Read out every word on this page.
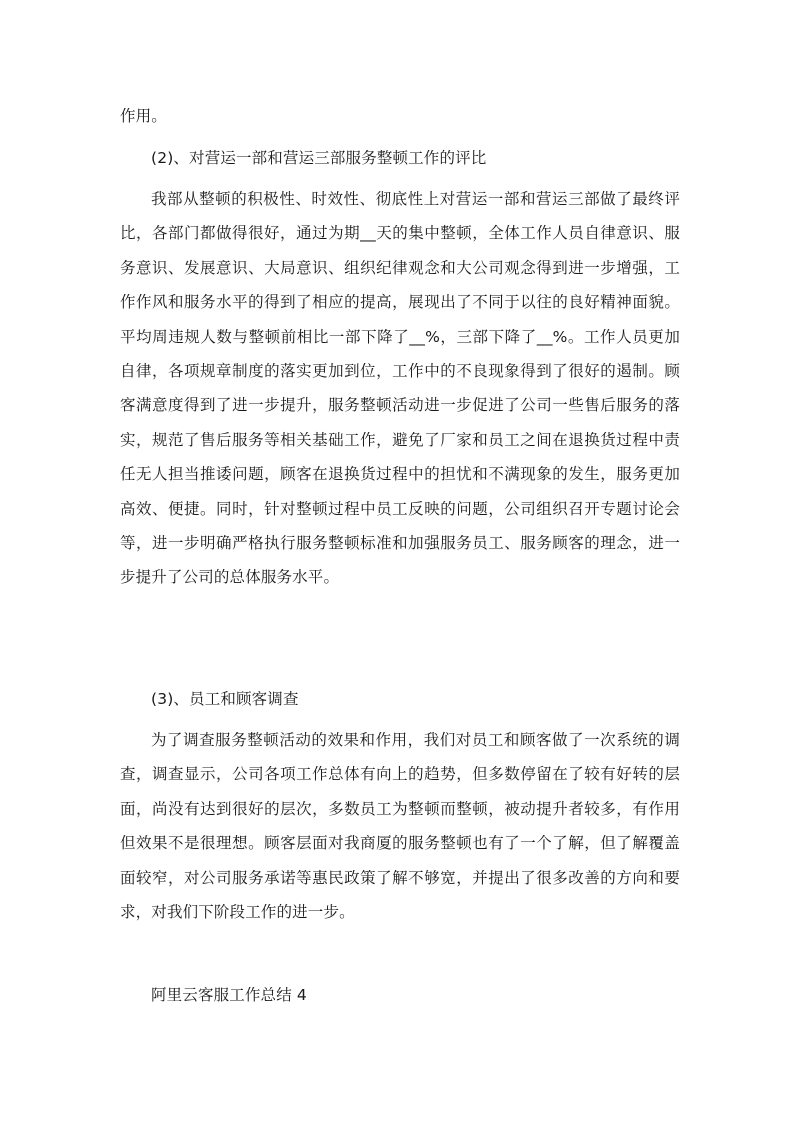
作用。

(2)、对营运一部和营运三部服务整顿工作的评比

我部从整顿的积极性、时效性、彻底性上对营运一部和营运三部做了最终评比，各部门都做得很好，通过为期__天的集中整顿，全体工作人员自律意识、服务意识、发展意识、大局意识、组织纪律观念和大公司观念得到进一步增强，工作作风和服务水平的得到了相应的提高，展现出了不同于以往的良好精神面貌。平均周违规人数与整顿前相比一部下降了__%，三部下降了__%。工作人员更加自律，各项规章制度的落实更加到位，工作中的不良现象得到了很好的遏制。顾客满意度得到了进一步提升，服务整顿活动进一步促进了公司一些售后服务的落实，规范了售后服务等相关基础工作，避免了厂家和员工之间在退换货过程中责任无人担当推诿问题，顾客在退换货过程中的担忧和不满现象的发生，服务更加高效、便捷。同时，针对整顿过程中员工反映的问题，公司组织召开专题讨论会等，进一步明确严格执行服务整顿标准和加强服务员工、服务顾客的理念，进一步提升了公司的总体服务水平。

(3)、员工和顾客调查

为了调查服务整顿活动的效果和作用，我们对员工和顾客做了一次系统的调查，调查显示，公司各项工作总体有向上的趋势，但多数停留在了较有好转的层面，尚没有达到很好的层次，多数员工为整顿而整顿，被动提升者较多，有作用但效果不是很理想。顾客层面对我商厦的服务整顿也有了一个了解，但了解覆盖面较窄，对公司服务承诺等惠民政策了解不够宽，并提出了很多改善的方向和要求，对我们下阶段工作的进一步。

阿里云客服工作总结 4
